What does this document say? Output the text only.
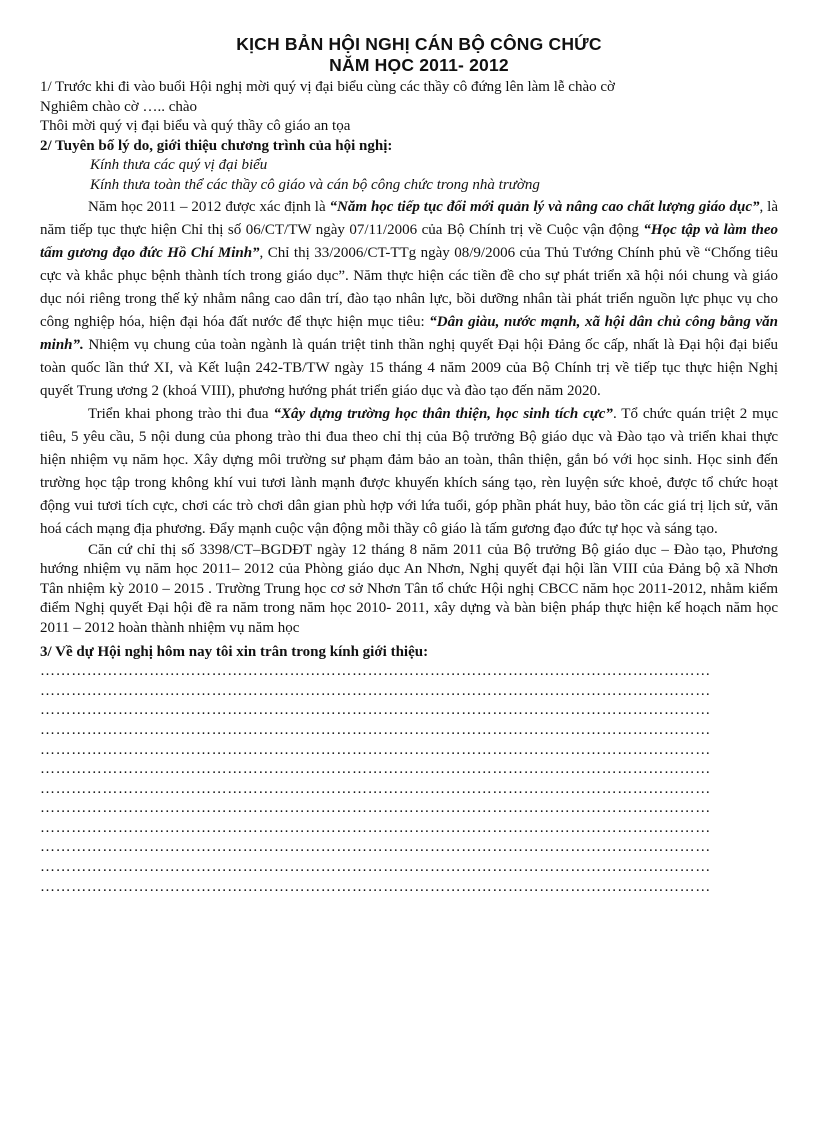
KỊCH BẢN HỘI NGHỊ CÁN BỘ CÔNG CHỨC
NĂM HỌC 2011- 2012

1/ Trước khi đi vào buổi Hội nghị mời quý vị đại biểu cùng các thầy cô đứng lên làm lễ chào cờ

Nghiêm chào cờ ….. chào

Thôi mời quý vị đại biểu và quý thầy cô giáo an tọa

2/ Tuyên bố lý do, giới thiệu chương trình của hội nghị:

Kính thưa các quý vị đại biểu

Kính thưa toàn thể các thầy cô giáo và cán bộ công chức trong nhà trường

Năm học 2011 – 2012 được xác định là “Năm học tiếp tục đổi mới quản lý và nâng cao chất lượng giáo dục”, là năm tiếp tục thực hiện Chỉ thị số 06/CT/TW ngày 07/11/2006 của Bộ Chính trị về Cuộc vận động “Học tập và làm theo tấm gương đạo đức Hồ Chí Minh”, Chỉ thị 33/2006/CT-TTg ngày 08/9/2006 của Thủ Tướng Chính phủ về “Chống tiêu cực và khắc phục bệnh thành tích trong giáo dục”. Năm thực hiện các tiền đề cho sự phát triển xã hội nói chung và giáo dục nói riêng trong thế kỷ nhằm nâng cao dân trí, đào tạo nhân lực, bồi dưỡng nhân tài phát triển nguồn lực phục vụ cho công nghiệp hóa, hiện đại hóa đất nước để thực hiện mục tiêu: “Dân giàu, nước mạnh, xã hội dân chủ công bằng văn minh”. Nhiệm vụ chung của toàn ngành là quán triệt tinh thần nghị quyết Đại hội Đảng ốc cấp, nhất là Đại hội đại biểu toàn quốc lần thứ XI, và Kết luận 242-TB/TW ngày 15 tháng 4 năm 2009 của Bộ Chính trị về tiếp tục thực hiện Nghị quyết Trung ương 2 (khoá VIII), phương hướng phát triển giáo dục và đào tạo đến năm 2020.

Triển khai phong trào thi đua “Xây dựng trường học thân thiện, học sinh tích cực”. Tổ chức quán triệt 2 mục tiêu, 5 yêu cầu, 5 nội dung của phong trào thi đua theo chỉ thị của Bộ trưởng Bộ giáo dục và Đào tạo và triển khai thực hiện nhiệm vụ năm học. Xây dựng môi trường sư phạm đảm bảo an toàn, thân thiện, gắn bó với học sinh. Học sinh đến trường học tập trong không khí vui tươi lành mạnh được khuyến khích sáng tạo, rèn luyện sức khoẻ, được tổ chức hoạt động vui tươi tích cực, chơi các trò chơi dân gian phù hợp với lứa tuổi, góp phần phát huy, bảo tồn các giá trị lịch sử, văn hoá cách mạng địa phương. Đẩy mạnh cuộc vận động mỗi thầy cô giáo là tấm gương đạo đức tự học và sáng tạo.

Căn cứ chỉ thị số 3398/CT–BGDĐT ngày 12 tháng 8 năm 2011 của Bộ trưởng Bộ giáo dục – Đào tạo, Phương hướng nhiệm vụ năm học 2011– 2012 của Phòng giáo dục An Nhơn, Nghị quyết đại hội lần VIII của Đảng bộ xã Nhơn Tân nhiệm kỳ 2010 – 2015 . Trường Trung học cơ sở Nhơn Tân tổ chức Hội nghị CBCC năm học 2011-2012, nhằm kiểm điểm Nghị quyết Đại hội đề ra năm trong năm học 2010- 2011, xây dựng và bàn biện pháp thực hiện kế hoạch năm học 2011 – 2012 hoàn thành nhiệm vụ năm học

3/ Về dự Hội nghị hôm nay tôi xin trân trong kính giới thiệu:

…………………………………………………………………………………………………………………
…………………………………………………………………………………………………………………
…………………………………………………………………………………………………………………
…………………………………………………………………………………………………………………
…………………………………………………………………………………………………………………
…………………………………………………………………………………………………………………
…………………………………………………………………………………………………………………
…………………………………………………………………………………………………………………
…………………………………………………………………………………………………………………
…………………………………………………………………………………………………………………
…………………………………………………………………………………………………………………
…………………………………………………………………………………………………………………
